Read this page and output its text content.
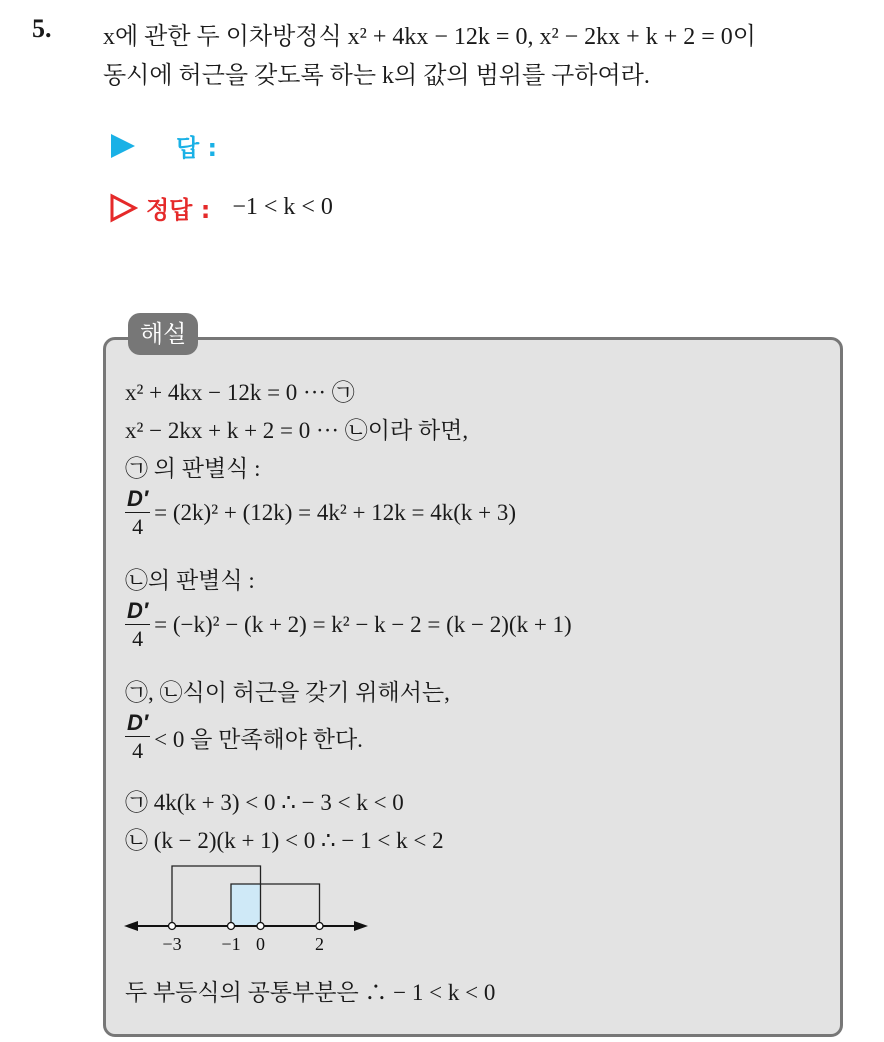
5. x에 관한 두 이차방정식 x² + 4kx − 12k = 0, x² − 2kx + k + 2 = 0이
동시에 허근을 갖도록 하는 k의 값의 범위를 구하여라.
답 :
정답 : −1 < k < 0
해설
x² + 4kx − 12k = 0 ··· ㉠
x² − 2kx + k + 2 = 0 ··· ㉡이라 하면,
㉠ 의 판별식 :
$\frac{D'}{4} = (2k)^2 + (12k) = 4k^2 + 12k = 4k(k + 3)$
㉡의 판별식 :
$\frac{D'}{4} = (-k)^2 - (k + 2) = k^2 - k - 2 = (k - 2)(k + 1)$
㉠, ㉡식이 허근을 갖기 위해서는,
$\frac{D'}{4} < 0$ 을 만족해야 한다.
㉠ 4k(k + 3) < 0 ∴ − 3 < k < 0
㉡ (k − 2)(k + 1) < 0 ∴ − 1 < k < 2
−3 −1 0	2
두 부등식의 공통부분은 ∴ − 1 < k < 0
